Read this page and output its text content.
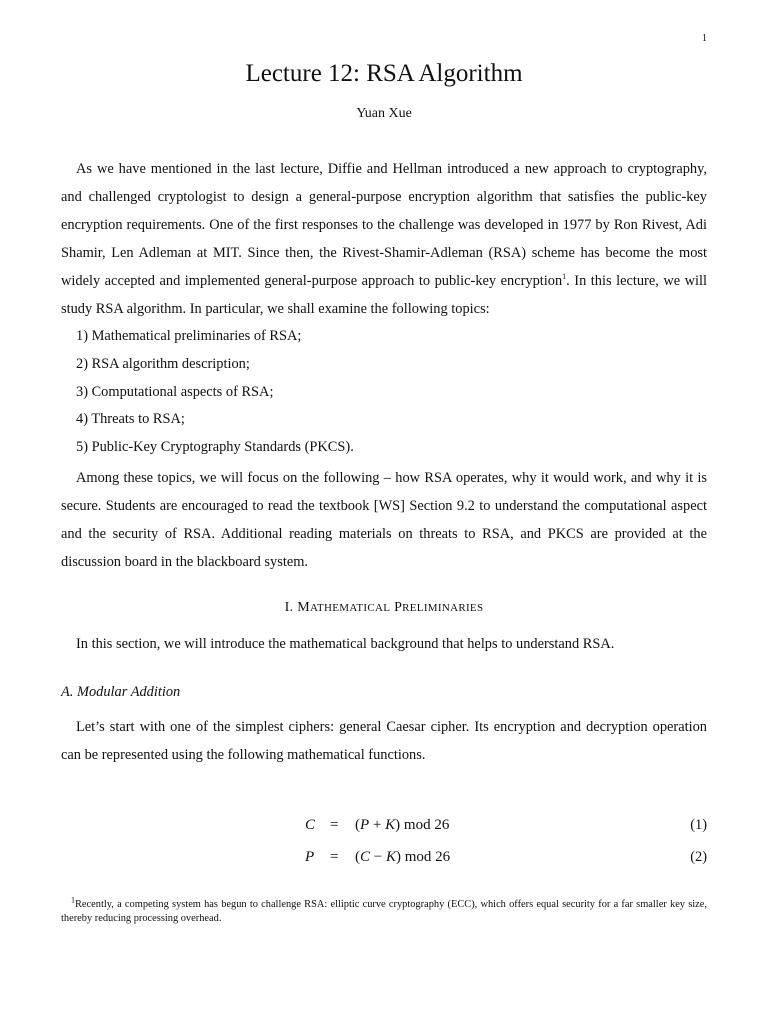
1
Lecture 12: RSA Algorithm
Yuan Xue
As we have mentioned in the last lecture, Diffie and Hellman introduced a new approach to cryptography, and challenged cryptologist to design a general-purpose encryption algorithm that satisfies the public-key encryption requirements. One of the first responses to the challenge was developed in 1977 by Ron Rivest, Adi Shamir, Len Adleman at MIT. Since then, the Rivest-Shamir-Adleman (RSA) scheme has become the most widely accepted and implemented general-purpose approach to public-key encryption$^1$. In this lecture, we will study RSA algorithm. In particular, we shall examine the following topics:
1) Mathematical preliminaries of RSA;
2) RSA algorithm description;
3) Computational aspects of RSA;
4) Threats to RSA;
5) Public-Key Cryptography Standards (PKCS).
Among these topics, we will focus on the following – how RSA operates, why it would work, and why it is secure. Students are encouraged to read the textbook [WS] Section 9.2 to understand the computational aspect and the security of RSA. Additional reading materials on threats to RSA, and PKCS are provided at the discussion board in the blackboard system.
I. MATHEMATICAL PRELIMINARIES
In this section, we will introduce the mathematical background that helps to understand RSA.
A. Modular Addition
Let’s start with one of the simplest ciphers: general Caesar cipher. Its encryption and decryption operation can be represented using the following mathematical functions.
C = (P + K) mod 26	(1)
P = (C − K) mod 26	(2)
$^1$Recently, a competing system has begun to challenge RSA: elliptic curve cryptography (ECC), which offers equal security for a far smaller key size, thereby reducing processing overhead.
